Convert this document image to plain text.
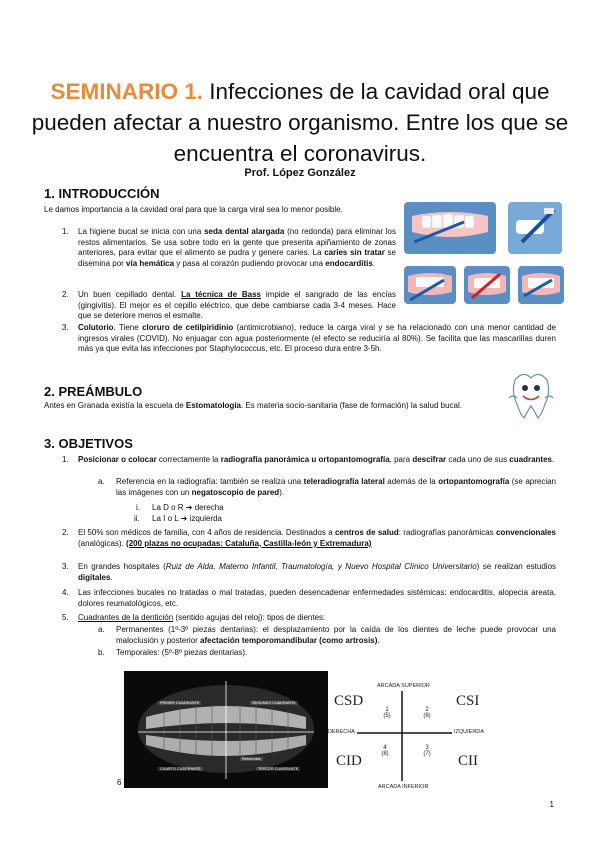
SEMINARIO 1. Infecciones de la cavidad oral que pueden afectar a nuestro organismo. Entre los que se encuentra el coronavirus.
Prof. López González
1. INTRODUCCIÓN
Le damos importancia a la cavidad oral para que la carga viral sea lo menor posible.
1. La higiene bucal se inicia con una seda dental alargada (no redonda) para eliminar los restos alimentarios. Se usa sobre todo en la gente que presenta apiñamiento de zonas anteriores, para evitar que el alimento se pudra y genere caries. La caries sin tratar se disemina por vía hemática y pasa al corazón pudiendo provocar una endocarditis.
2. Un buen cepillado dental. La técnica de Bass impide el sangrado de las encías (gingivitis). El mejor es el cepillo eléctrico, que debe cambiarse cada 3-4 meses. Hace que se deteriore menos el esmalte.
3. Colutorio. Tiene cloruro de cetilpiridinio (antimicrobiano), reduce la carga viral y se ha relacionado con una menor cantidad de ingresos virales (COVID). No enjuagar con agua posteriormente (el efecto se reduciría al 80%). Se facilita que las mascarillas duren más ya que evita las infecciones por Staphylococcus, etc. El proceso dura entre 3-5h.
2. PREÁMBULO
Antes en Granada existía la escuela de Estomatología. Es materia socio-sanitaria (fase de formación) la salud bucal.
3. OBJETIVOS
1. Posicionar o colocar correctamente la radiografía panorámica u ortopantomografía, para descifrar cada uno de sus cuadrantes.
a. Referencia en la radiografía: también se realiza una teleradiografía lateral además de la ortopantomografía (se aprecian las imágenes con un negatoscopio de pared).
i. La D o R ➔ derecha
ii. La I o L ➔ izquierda
2. El 50% son médicos de familia, con 4 años de residencia. Destinados a centros de salud: radiografías panorámicas convencionales (analógicas). (200 plazas no ocupadas: Cataluña, Castilla-león y Extremadura)
3. En grandes hospitales (Ruiz de Alda, Materno Infantil, Traumatología, y Nuevo Hospital Clínico Universitario) se realizan estudios digitales.
4. Las infecciones bucales no tratadas o mal tratadas, pueden desencadenar enfermedades sistémicas: endocarditis, alopecia areata, dolores reumatológicos, etc.
5. Cuadrantes de la dentición (sentido agujas del reloj): tipos de dientes:
a. Permanentes (1º-3º piezas dentarias): el desplazamiento por la caída de los dientes de leche puede provocar una maloclusión y posterior afectación temporomandibular (como artrosis).
b. Temporales: (5º-8º piezas dentarias).
PRIMER CUADRANTE	SEGUNDO CUADRANTE
CUARTO CUADRANTE	TERCER CUADRANTE
Retromolar
6
ARCADA SUPERIOR
ARCADA INFERIOR
DERECHA	IZQUIERDA
CSD	CSI
CID	CII
1
(5)
2
(6)
3
(7)
4
(8)
1
